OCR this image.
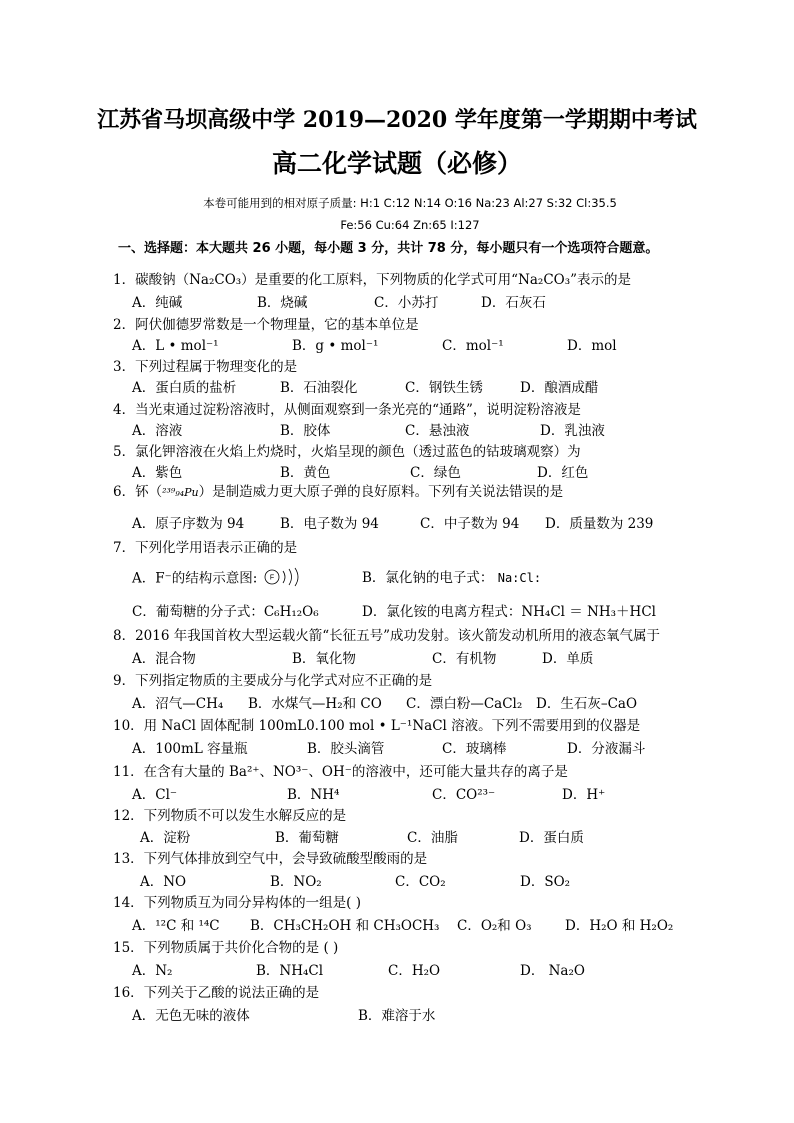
江苏省马坝高级中学 2019—2020 学年度第一学期期中考试
高二化学试题（必修）
本卷可能用到的相对原子质量: H:1 C:12 N:14 O:16 Na:23 Al:27 S:32 Cl:35.5
Fe:56 Cu:64 Zn:65 I:127
一、选择题：本大题共 26 小题，每小题 3 分，共计 78 分，每小题只有一个选项符合题意。
1．碳酸钠（Na₂CO₃）是重要的化工原料，下列物质的化学式可用“Na₂CO₃”表示的是
A．纯碱	B．烧碱	C．小苏打	D．石灰石
2．阿伏伽德罗常数是一个物理量，它的基本单位是
A．L • mol⁻¹	B．g • mol⁻¹	C．mol⁻¹	D．mol
3．下列过程属于物理变化的是
A．蛋白质的盐析	B．石油裂化	C．钢铁生锈	D．酿酒成醋
4．当光束通过淀粉溶液时，从侧面观察到一条光亮的“通路”，说明淀粉溶液是
A．溶液	B．胶体	C．悬浊液	D．乳浊液
5．氯化钾溶液在火焰上灼烧时，火焰呈现的颜色（透过蓝色的钴玻璃观察）为
A．紫色	B．黄色	C．绿色	D．红色
6．钚（²³⁹₉₄Pu）是制造威力更大原子弹的良好原料。下列有关说法错误的是
A．原子序数为 94	B．电子数为 94	C．中子数为 94	D．质量数为 239
7．下列化学用语表示正确的是
A．F⁻的结构示意图: F	B．氯化钠的电子式： Na:Cl:
C．葡萄糖的分子式：C₆H₁₂O₆	D．氯化铵的电离方程式：NH₄Cl ＝ NH₃＋HCl
8．2016 年我国首枚大型运载火箭“长征五号”成功发射。该火箭发动机所用的液态氧气属于
A．混合物	B．氧化物	C．有机物	D．单质
9．下列指定物质的主要成分与化学式对应不正确的是
A．沼气—CH₄	B．水煤气—H₂和 CO	C．漂白粉—CaCl₂	D．生石灰–CaO
10．用 NaCl 固体配制 100mL0.100 mol • L⁻¹NaCl 溶液。下列不需要用到的仪器是
A．100mL 容量瓶	B．胶头滴管	C．玻璃棒	D．分液漏斗
11．在含有大量的 Ba²⁺、NO³⁻、OH⁻的溶液中，还可能大量共存的离子是
A．Cl⁻	B．NH⁴	C．CO²³⁻	D．H⁺
12．下列物质不可以发生水解反应的是
A．淀粉	B．葡萄糖	C．油脂	D．蛋白质
13．下列气体排放到空气中，会导致硫酸型酸雨的是
A．NO	B．NO₂	C．CO₂	D．SO₂
14．下列物质互为同分异构体的一组是( )
A．¹²C 和 ¹⁴C	B．CH₃CH₂OH 和 CH₃OCH₃	C．O₂和 O₃	D．H₂O 和 H₂O₂
15．下列物质属于共价化合物的是 ( )
A．N₂	B．NH₄Cl	C．H₂O	D． Na₂O
16．下列关于乙酸的说法正确的是
A．无色无味的液体	B．难溶于水
